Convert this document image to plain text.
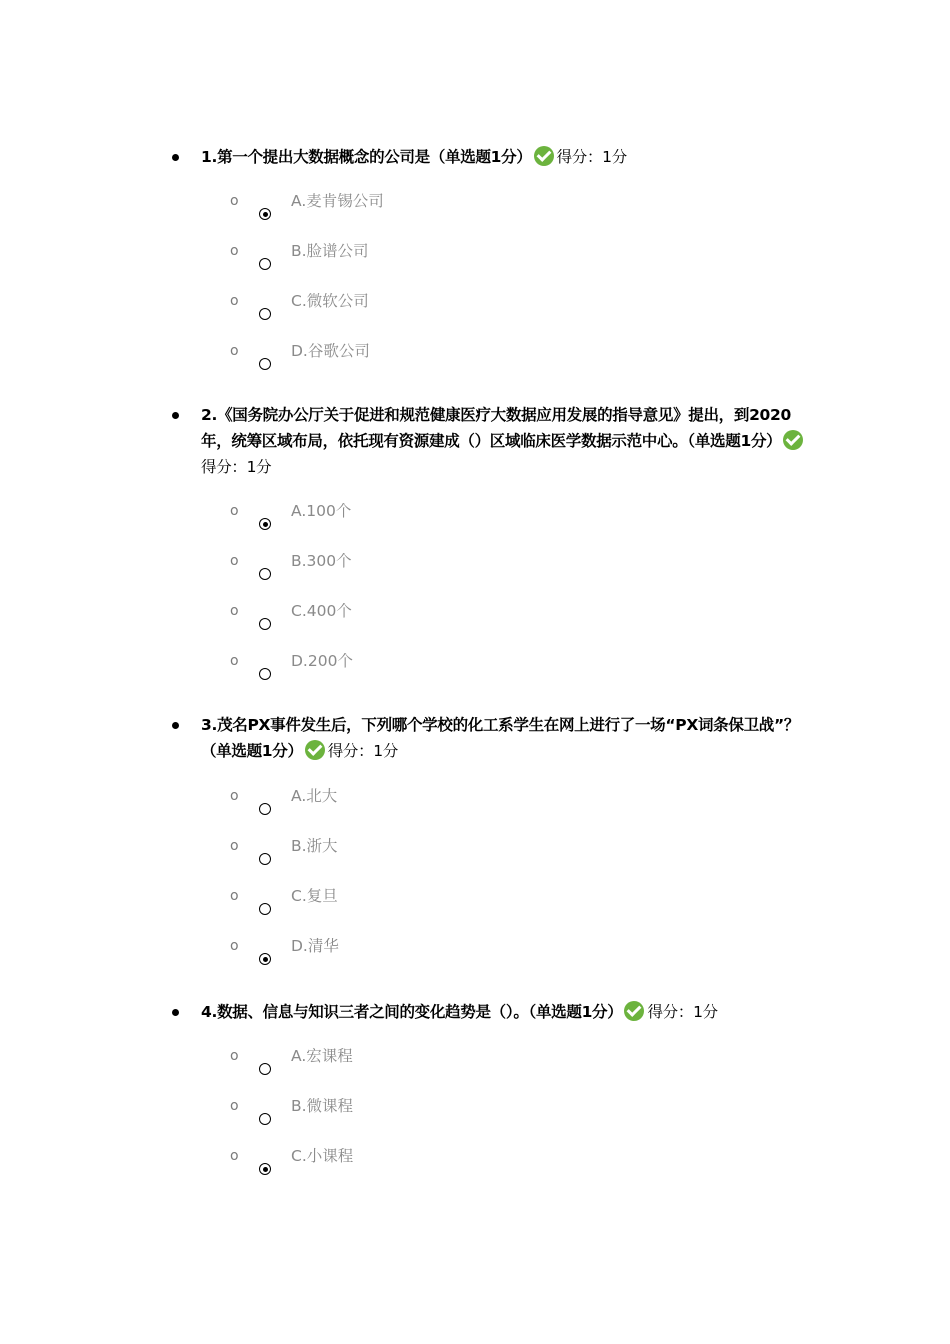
1.第一个提出大数据概念的公司是（单选题1分） 得分：1分
o	A.麦肯锡公司
o	B.脸谱公司
o	C.微软公司
o	D.谷歌公司
2.《国务院办公厅关于促进和规范健康医疗大数据应用发展的指导意见》提出，到2020年，统筹区域布局，依托现有资源建成（）区域临床医学数据示范中心。（单选题1分）得分：1分
o	A.100个
o	B.300个
o	C.400个
o	D.200个
3.茂名PX事件发生后，下列哪个学校的化工系学生在网上进行了一场“PX词条保卫战”？（单选题1分） 得分：1分
o	A.北大
o	B.浙大
o	C.复旦
o	D.清华
4.数据、信息与知识三者之间的变化趋势是（）。（单选题1分） 得分：1分
o	A.宏课程
o	B.微课程
o	C.小课程
